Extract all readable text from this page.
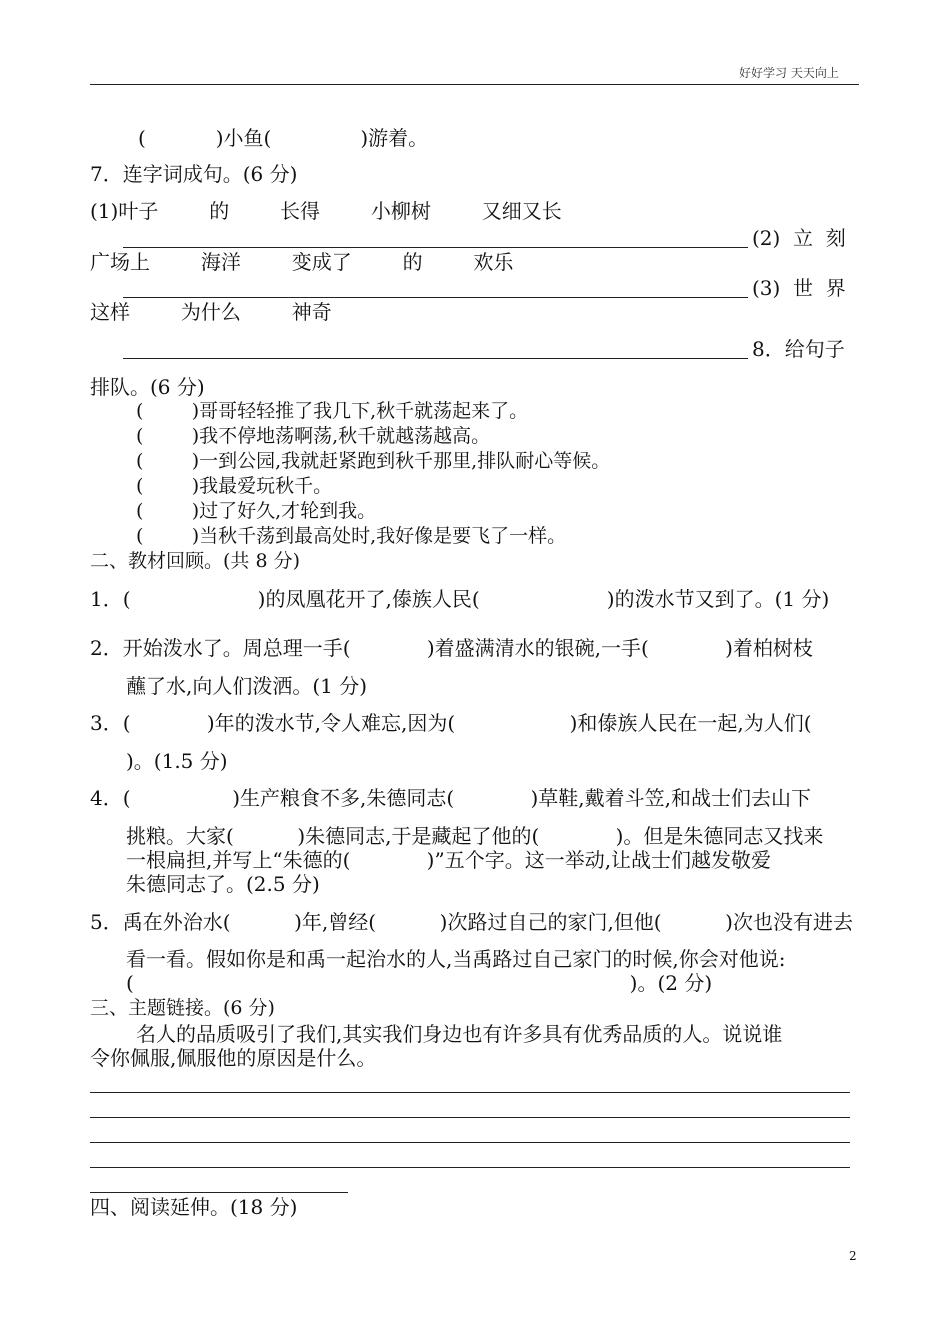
好好学习 天天向上
(           )小鱼(              )游着。
7．连字词成句。(6 分)
(1)叶子        的        长得        小柳树        又细又长
(2)  立  刻
广场上        海洋        变成了        的        欢乐
(3)  世  界
这样        为什么        神奇
8．给句子
排队。(6 分)
(        )哥哥轻轻推了我几下,秋千就荡起来了。
(        )我不停地荡啊荡,秋千就越荡越高。
(        )一到公园,我就赶紧跑到秋千那里,排队耐心等候。
(        )我最爱玩秋千。
(        )过了好久,才轮到我。
(        )当秋千荡到最高处时,我好像是要飞了一样。
二、教材回顾。(共 8 分)
1．(                    )的凤凰花开了,傣族人民(                    )的泼水节又到了。(1 分)
2．开始泼水了。周总理一手(            )着盛满清水的银碗,一手(            )着柏树枝
蘸了水,向人们泼洒。(1 分)
3．(            )年的泼水节,令人难忘,因为(                  )和傣族人民在一起,为人们(
)。(1.5 分)
4．(                )生产粮食不多,朱德同志(            )草鞋,戴着斗笠,和战士们去山下
挑粮。大家(          )朱德同志,于是藏起了他的(            )。但是朱德同志又找来
一根扁担,并写上“朱德的(            )”五个字。这一举动,让战士们越发敬爱
朱德同志了。(2.5 分)
5．禹在外治水(          )年,曾经(          )次路过自己的家门,但他(          )次也没有进去
看一看。假如你是和禹一起治水的人,当禹路过自己家门的时候,你会对他说:
(                                                                              )。(2 分)
三、主题链接。(6 分)
名人的品质吸引了我们,其实我们身边也有许多具有优秀品质的人。说说谁
令你佩服,佩服他的原因是什么。
四、阅读延伸。(18 分)
2
